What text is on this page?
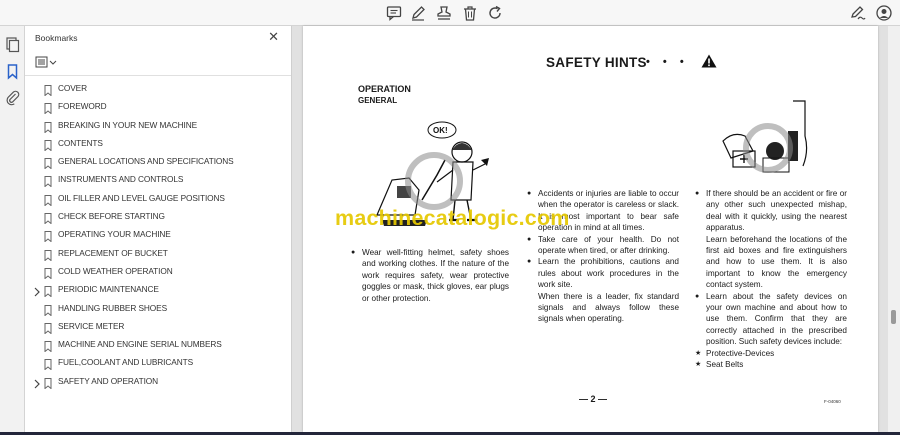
Bookmarks	✕
COVER
FOREWORD
BREAKING IN YOUR NEW MACHINE
CONTENTS
GENERAL LOCATIONS AND SPECIFICATIONS
INSTRUMENTS AND CONTROLS
OIL FILLER AND LEVEL GAUGE POSITIONS
CHECK BEFORE STARTING
OPERATING YOUR MACHINE
REPLACEMENT OF BUCKET
COLD WEATHER OPERATION
PERIODIC MAINTENANCE
HANDLING RUBBER SHOES
SERVICE METER
MACHINE AND ENGINE SERIAL NUMBERS
FUEL,COOLANT AND LUBRICANTS
SAFETY AND OPERATION
SAFETY HINTS • • •
OPERATION
GENERAL
OK!
● Wear well-fitting helmet, safety shoes and working clothes. If the nature of the work requires safety, wear protective goggles or mask, thick gloves, ear plugs or other protection.
● Accidents or injuries are liable to occur when the operator is careless or slack. It is most important to bear safe operation in mind at all times.
● Take care of your health. Do not operate when tired, or after drinking.
● Learn the prohibitions, cautions and rules about work procedures in the work site.
When there is a leader, fix standard signals and always follow these signals when operating.
● If there should be an accident or fire or any other such unexpected mishap, deal with it quickly, using the nearest apparatus.
Learn beforehand the locations of the first aid boxes and fire extinguishers and how to use them. It is also important to know the emergency contact system.
● Learn about the safety devices on your own machine and about how to use them. Confirm that they are correctly attached in the prescribed position. Such safety devices include:
★ Protective-Devices
★ Seat Belts
machinecatalogic.com
— 2 —	F-04060
